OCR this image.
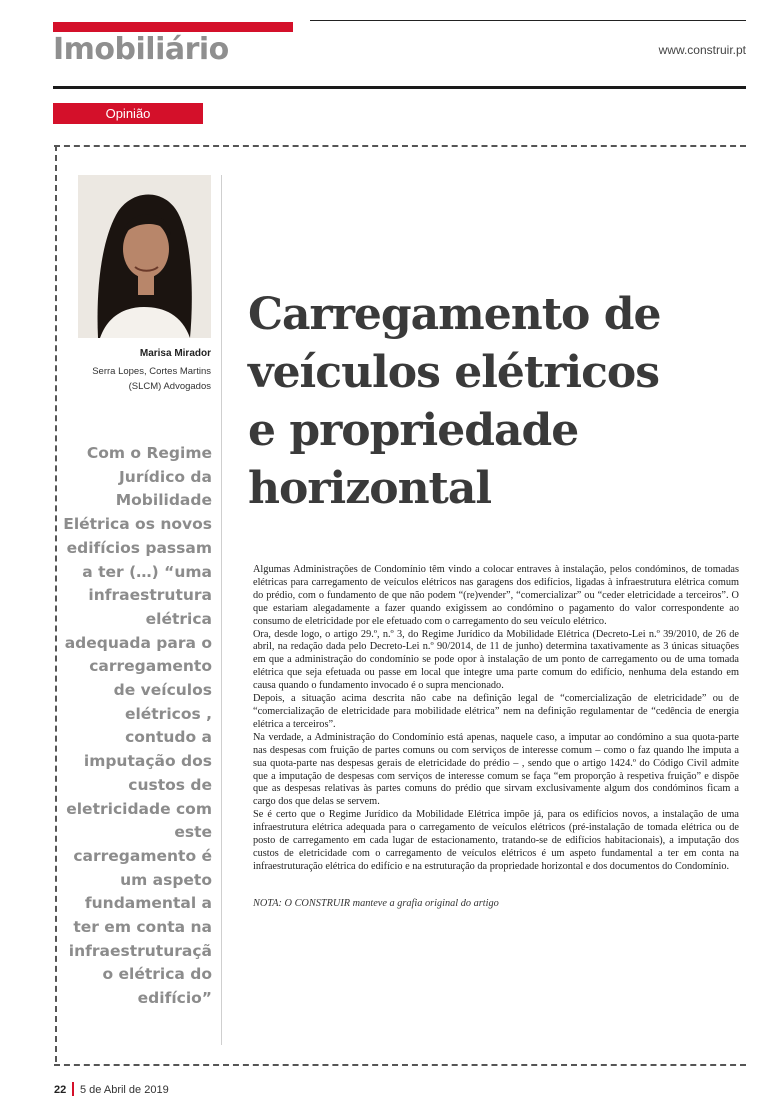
Imobiliário	www.construir.pt
Opinião
Marisa Mirador
Serra Lopes, Cortes Martins
(SLCM) Advogados

Com o Regime
Jurídico da
Mobilidade
Elétrica os novos
edifícios passam
a ter (…) “uma
infraestrutura
elétrica
adequada para o
carregamento
de veículos
elétricos ,
contudo a
imputação dos
custos de
eletricidade com
este
carregamento é
um aspeto
fundamental a
ter em conta na
infraestruturaçã
o elétrica do
edifício”

Carregamento de
veículos elétricos
e propriedade
horizontal

Algumas Administrações de Condomínio têm vindo a colocar entraves à instalação, pelos condóminos, de tomadas elétricas para carregamento de veículos elétricos nas garagens dos edifícios, ligadas à infraestrutura elétrica comum do prédio, com o fundamento de que não podem “(re)vender”, “comercializar” ou “ceder eletricidade a terceiros”. O que estariam alegadamente a fazer quando exigissem ao condómino o pagamento do valor correspondente ao consumo de eletricidade por ele efetuado com o carregamento do seu veículo elétrico.

Ora, desde logo, o artigo 29.º, n.º 3, do Regime Jurídico da Mobilidade Elétrica (Decreto-Lei n.º 39/2010, de 26 de abril, na redação dada pelo Decreto-Lei n.º 90/2014, de 11 de junho) determina taxativamente as 3 únicas situações em que a administração do condomínio se pode opor à instalação de um ponto de carregamento ou de uma tomada elétrica que seja efetuada ou passe em local que integre uma parte comum do edifício, nenhuma dela estando em causa quando o fundamento invocado é o supra mencionado.

Depois, a situação acima descrita não cabe na definição legal de “comercialização de eletricidade” ou de “comercialização de eletricidade para mobilidade elétrica” nem na definição regulamentar de “cedência de energia elétrica a terceiros”.

Na verdade, a Administração do Condomínio está apenas, naquele caso, a imputar ao condómino a sua quota-parte nas despesas com fruição de partes comuns ou com serviços de interesse comum – como o faz quando lhe imputa a sua quota-parte nas despesas gerais de eletricidade do prédio – , sendo que o artigo 1424.º do Código Civil admite que a imputação de despesas com serviços de interesse comum se faça “em proporção à respetiva fruição” e dispõe que as despesas relativas às partes comuns do prédio que sirvam exclusivamente algum dos condóminos ficam a cargo dos que delas se servem.

Se é certo que o Regime Jurídico da Mobilidade Elétrica impõe já, para os edifícios novos, a instalação de uma infraestrutura elétrica adequada para o carregamento de veículos elétricos (pré-instalação de tomada elétrica ou de posto de carregamento em cada lugar de estacionamento, tratando-se de edifícios habitacionais), a imputação dos custos de eletricidade com o carregamento de veículos elétricos é um aspeto fundamental a ter em conta na infraestruturação elétrica do edifício e na estruturação da propriedade horizontal e dos documentos do Condomínio.

NOTA: O CONSTRUIR manteve a grafia original do artigo
22 5 de Abril de 2019
